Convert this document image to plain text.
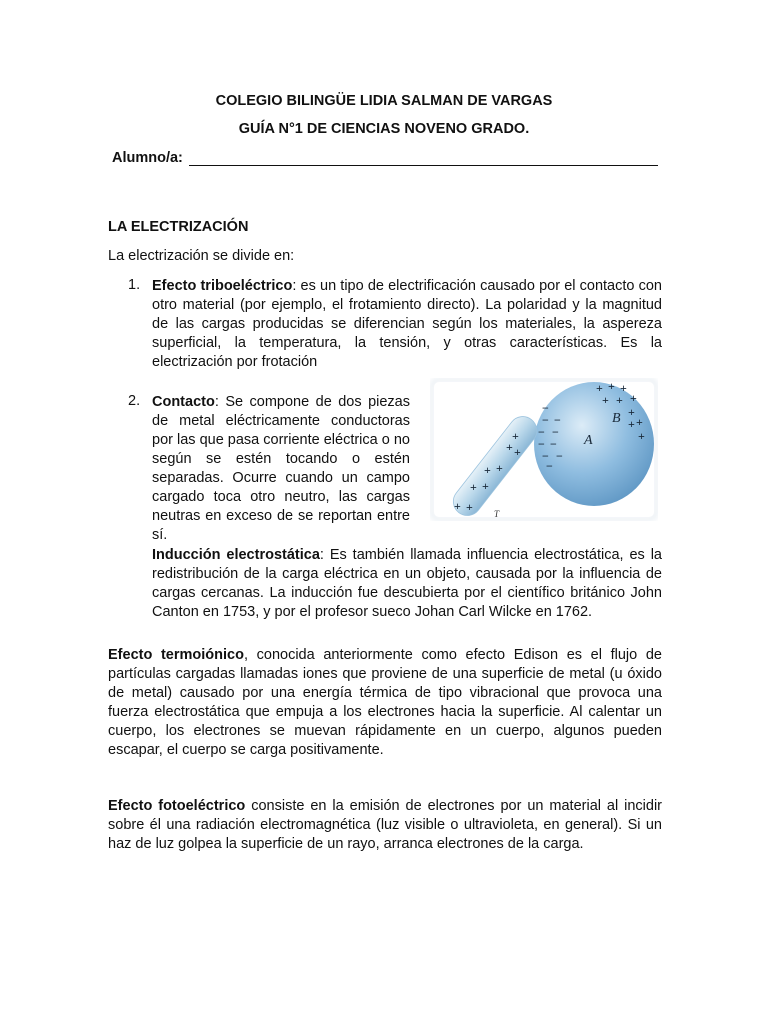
COLEGIO BILINGÜE LIDIA SALMAN DE VARGAS
GUÍA N°1 DE CIENCIAS NOVENO GRADO.
Alumno/a:
LA ELECTRIZACIÓN
La electrización se divide en:
1. Efecto triboeléctrico: es un tipo de electrificación causado por el contacto con otro material (por ejemplo, el frotamiento directo). La polaridad y la magnitud de las cargas producidas se diferencian según los materiales, la aspereza superficial, la temperatura, la tensión, y otras características. Es la electrización por frotación

2. Contacto: Se compone de dos piezas de metal eléctricamente conductoras por las que pasa corriente eléctrica o no según se estén tocando o estén separadas. Ocurre cuando un campo cargado toca otro neutro, las cargas neutras en exceso de se reportan entre sí.

+
+ +
+ +
+ +
+ +
−
− −
− −
− −
− −
−
+ + +
+ + +
+
+
+
+
A
B
T

Inducción electrostática: Es también llamada influencia electrostática, es la redistribución de la carga eléctrica en un objeto, causada por la influencia de cargas cercanas. La inducción fue descubierta por el científico británico John Canton en 1753, y por el profesor sueco Johan Carl Wilcke en 1762.

Efecto termoiónico, conocida anteriormente como efecto Edison es el flujo de partículas cargadas llamadas iones que proviene de una superficie de metal (u óxido de metal) causado por una energía térmica de tipo vibracional que provoca una fuerza electrostática que empuja a los electrones hacia la superficie. Al calentar un cuerpo, los electrones se muevan rápidamente en un cuerpo, algunos pueden escapar, el cuerpo se carga positivamente.

Efecto fotoeléctrico consiste en la emisión de electrones por un material al incidir sobre él una radiación electromagnética (luz visible o ultravioleta, en general). Si un haz de luz golpea la superficie de un rayo, arranca electrones de la carga.
